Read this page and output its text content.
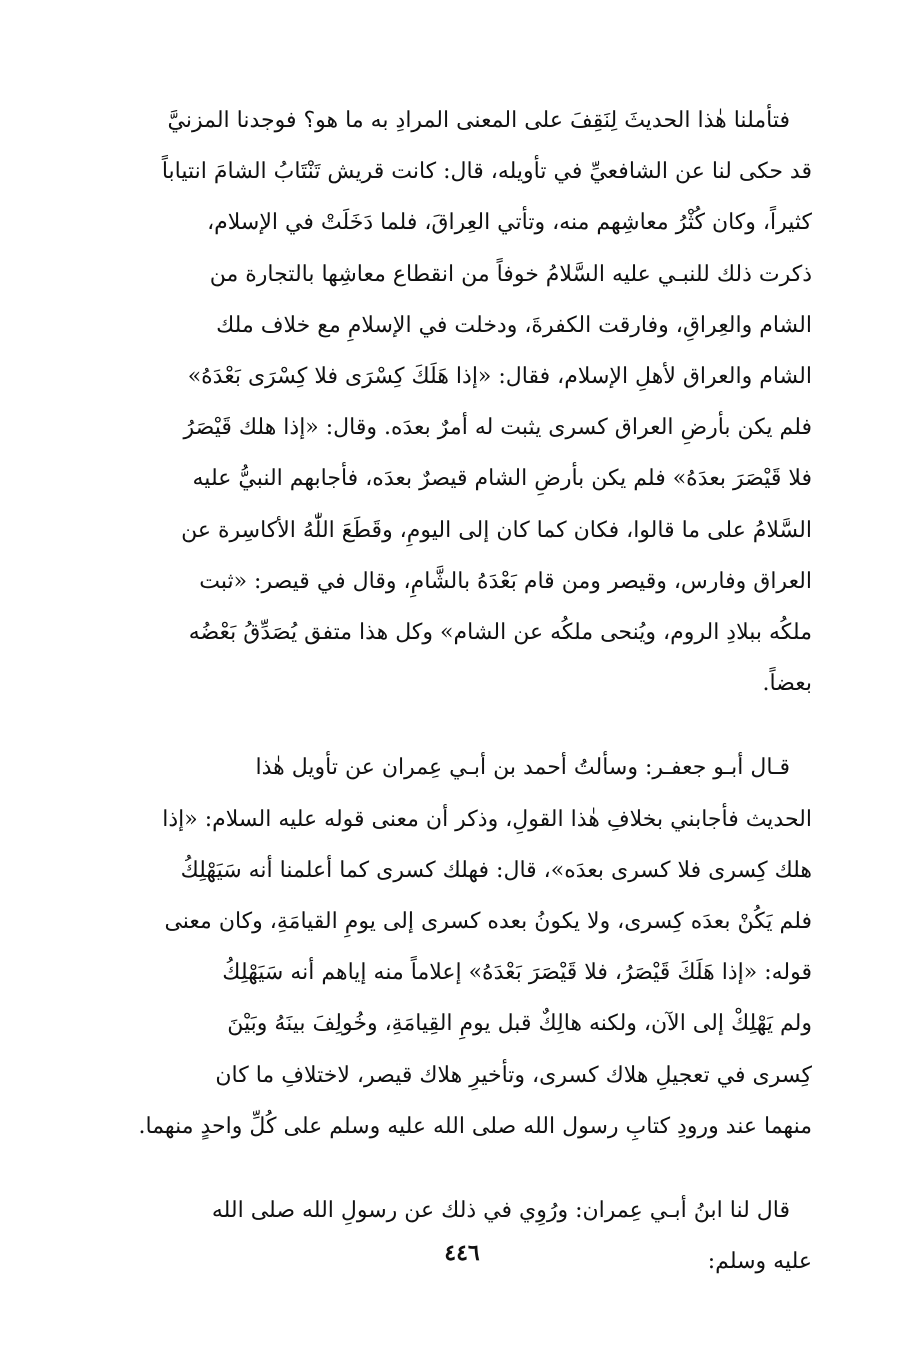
فتأملنا هٰذا الحديثَ لِنَقِفَ على المعنى المرادِ به ما هو؟ فوجدنا المزنيَّ
قد حكى لنا عن الشافعيِّ في تأويله، قال: كانت قريش تَنْتَابُ الشامَ انتياباً
كثيراً، وكان كُثْرُ معاشِهم منه، وتأتي العِراقَ، فلما دَخَلَتْ في الإسلام،
ذكرت ذلك للنبـي عليه السَّلامُ خوفاً من انقطاع معاشِها بالتجارة من
الشام والعِراقِ، وفارقت الكفرةَ، ودخلت في الإسلامِ مع خلاف ملك
الشام والعراق لأهلِ الإسلام، فقال: «إذا هَلَكَ كِسْرَى فلا كِسْرَى بَعْدَهُ»
فلم يكن بأرضِ العراق كسرى يثبت له أمرٌ بعدَه. وقال: «إذا هلك قَيْصَرُ
فلا قَيْصَرَ بعدَهُ» فلم يكن بأرضِ الشام قيصرٌ بعدَه، فأجابهم النبيُّ عليه
السَّلامُ على ما قالوا، فكان كما كان إلى اليومِ، وقَطَعَ اللّٰهُ الأكاسِرة عن
العراق وفارس، وقيصر ومن قام بَعْدَهُ بالشَّامِ، وقال في قيصر: «ثبت
ملكُه ببلادِ الروم، ويُنحى ملكُه عن الشام» وكل هذا متفق يُصَدِّقُ بَعْضُه
بعضاً.

قـال أبـو جعفـر: وسألتُ أحمد بن أبـي عِمران عن تأويل هٰذا
الحديث فأجابني بخلافِ هٰذا القولِ، وذكر أن معنى قوله عليه السلام: «إذا
هلك كِسرى فلا كسرى بعدَه»، قال: فهلك كسرى كما أعلمنا أنه سَيَهْلِكُ
فلم يَكُنْ بعدَه كِسرى، ولا يكونُ بعده كسرى إلى يومِ القيامَةِ، وكان معنى
قوله: «إذا هَلَكَ قَيْصَرُ، فلا قَيْصَرَ بَعْدَهُ» إعلاماً منه إياهم أنه سَيَهْلِكُ
ولم يَهْلِكْ إلى الآن، ولكنه هالِكٌ قبل يومِ القِيامَةِ، وخُولِفَ بينَهُ وبَيْنَ
كِسرى في تعجيلِ هلاك كسرى، وتأخيرِ هلاك قيصر، لاختلافِ ما كان
منهما عند ورودِ كتابِ رسول الله صلى الله عليه وسلم على كُلِّ واحدٍ منهما.

قال لنا ابنُ أبـي عِمران: ورُوِي في ذلك عن رسولِ الله صلى الله
عليه وسلم:

٤٤٦
